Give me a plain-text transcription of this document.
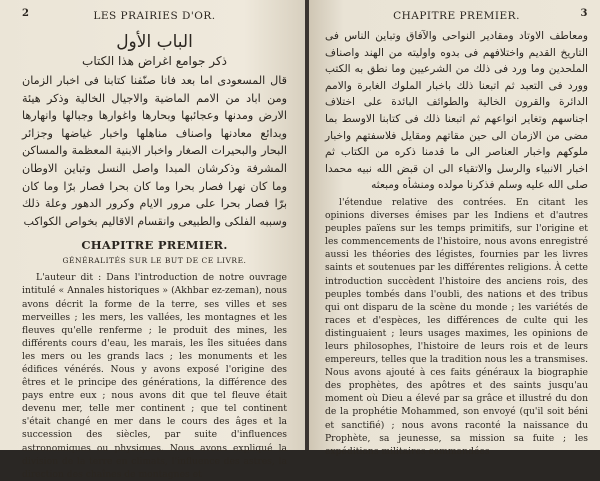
2	LES PRAIRIES D'OR.
الباب الأول
ذكر جوامع اغراض هذا الكتاب
قال المسعودى اما بعد فانا صنّفنا كتابنا فى اخبار الزمان ومن اباد من الامم الماضية والاجيال الخالية وذكر هيئة الارض ومدنها وعجائبها وبحارها واغوارها وجبالها وانهارها وبدائع معادنها واصناف مناهلها واخبار غياضها وجزائر البحار والبحيرات الصغار واخبار الابنية المعظمة والمساكن المشرفة وذكرشان المبدا واصل النسل وتباين الاوطان وما كان نهرا فصار بحرا وما كان بحرا فصار برّا وما كان برّا فصار بحرا على مرور الايام وكرور الدهور وعلة ذلك وسببه الفلكى والطبيعى وانقسام الاقاليم بخواص الكواكب
CHAPITRE PREMIER.
GÉNÉRALITÉS SUR LE BUT DE CE LIVRE.

L'auteur dit : Dans l'introduction de notre ouvrage intitulé « Annales historiques » (Akhbar ez-zeman), nous avons décrit la forme de la terre, ses villes et ses merveilles ; les mers, les vallées, les montagnes et les fleuves qu'elle renferme ; le produit des mines, les différents cours d'eau, les marais, les îles situées dans les mers ou les grands lacs ; les monuments et les édifices vénérés. Nous y avons exposé l'origine des êtres et le principe des générations, la différence des pays entre eux ; nous avons dit que tel fleuve était devenu mer, telle mer continent ; que tel continent s'était changé en mer dans le cours des âges et la succession des siècles, par suite d'influences astronomiques ou physiques. Nous avons expliqué la division de la terre en climats, l'influence des astres, la direction des chaînes de montagnes et

CHAPITRE PREMIER.	3
ومعاطف الاوتاد ومقادير النواحى والآفاق وتباين الناس فى التاريخ القديم واختلافهم فى بدوه واوليته من الهند واصناف الملحدين وما ورد فى ذلك من الشرعيين وما نطق به الكتب وورد فى التعبد ثم اتبعنا ذلك باخبار الملوك الغابرة والامم الدائرة والقرون الخالية والطوائف البائدة على اختلاف اجناسهم وتغاير انواعهم ثم اتبعنا ذلك فى كتابنا الاوسط بما مضى من الازمان الى حين مقاتهم ومقايل فلاسفتهم واخبار ملوكهم واخبار العناصر الى ما قدمنا ذكره من الكتاب ثم اخبار الانبياء والرسل والاتقياء الى ان قبض الله نبيه محمدا صلى الله عليه وسلم فذكرنا مولده ومنشأه ومبعثه

l'étendue relative des contrées. En citant les opinions diverses émises par les Indiens et d'autres peuples païens sur les temps primitifs, sur l'origine et les commencements de l'histoire, nous avons enregistré aussi les théories des légistes, fournies par les livres saints et soutenues par les différentes religions. À cette introduction succèdent l'histoire des anciens rois, des peuples tombés dans l'oubli, des nations et des tribus qui ont disparu de la scène du monde ; les variétés de races et d'espèces, les différences de culte qui les distinguaient ; leurs usages maximes, les opinions de leurs philosophes, l'histoire de leurs rois et de leurs empereurs, telles que la tradition nous les a transmises. Nous avons ajouté à ces faits généraux la biographie des prophètes, des apôtres et des saints jusqu'au moment où Dieu a élevé par sa grâce et illustré du don de la prophétie Mohammed, son envoyé (qu'il soit béni et sanctifié) ; nous avons raconté la naissance du Prophète, sa jeunesse, sa mission sa fuite ; les expéditions militaires commandées
